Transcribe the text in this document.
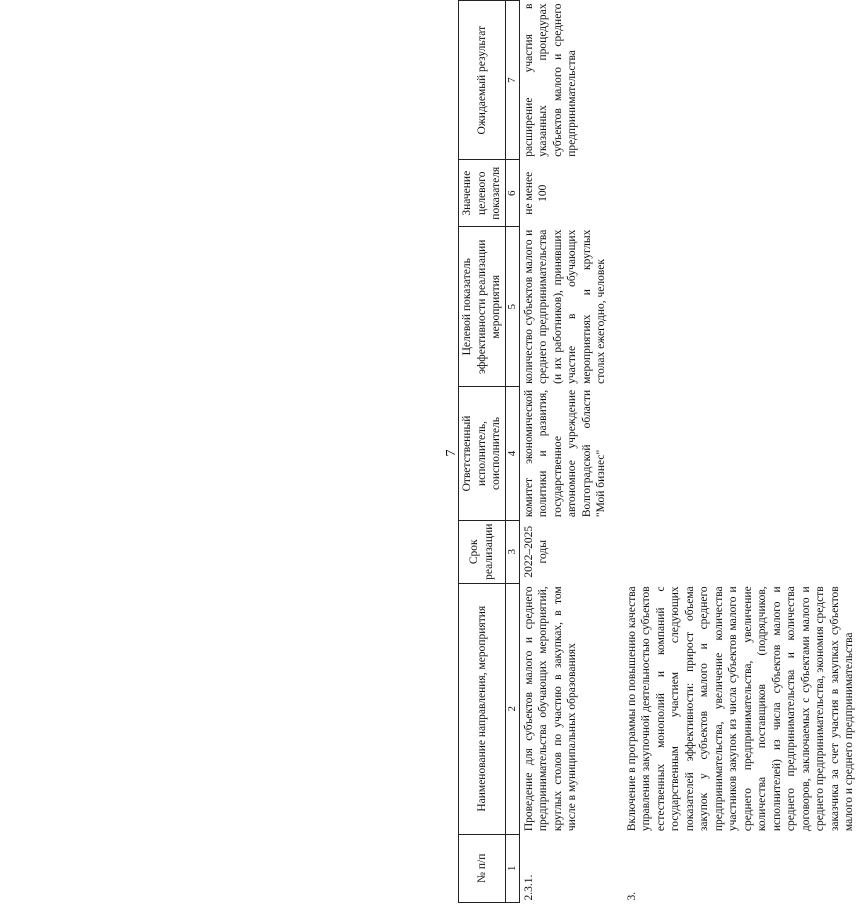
7
№ п/п	Наименование направления, мероприятия	Срок реализации	Ответственный исполнитель, соисполнитель	Целевой показатель эффективности реализации мероприятия	Значение целевого показателя	Ожидаемый результат
1	2	3	4	5	6	7
2.3.1.	Проведение для субъектов малого и среднего предпринимательства обучающих мероприятий, круглых столов по участию в закупках, в том числе в муниципальных образованиях	2022–2025 годы	комитет экономической политики и развития, государственное автономное учреждение Волгоградской области "Мой бизнес"	количество субъектов малого и среднего предпринимательства (и их работников), принявших участие в обучающих мероприятиях и круглых столах ежегодно, человек	не менее 100	расширение участия в указанных процедурах субъектов малого и среднего предпринимательства
3.	Включение в программы по повышению качества управления закупочной деятельностью субъектов естественных монополий и компаний с государственным участием следующих показателей эффективности: прирост объема закупок у субъектов малого и среднего предпринимательства, увеличение количества участников закупок из числа субъектов малого и среднего предпринимательства, увеличение количества поставщиков (подрядчиков, исполнителей) из числа субъектов малого и среднего предпринимательства и количества договоров, заключаемых с субъектами малого и среднего предпринимательства, экономия средств заказчика за счет участия в закупках субъектов малого и среднего предпринимательства					
